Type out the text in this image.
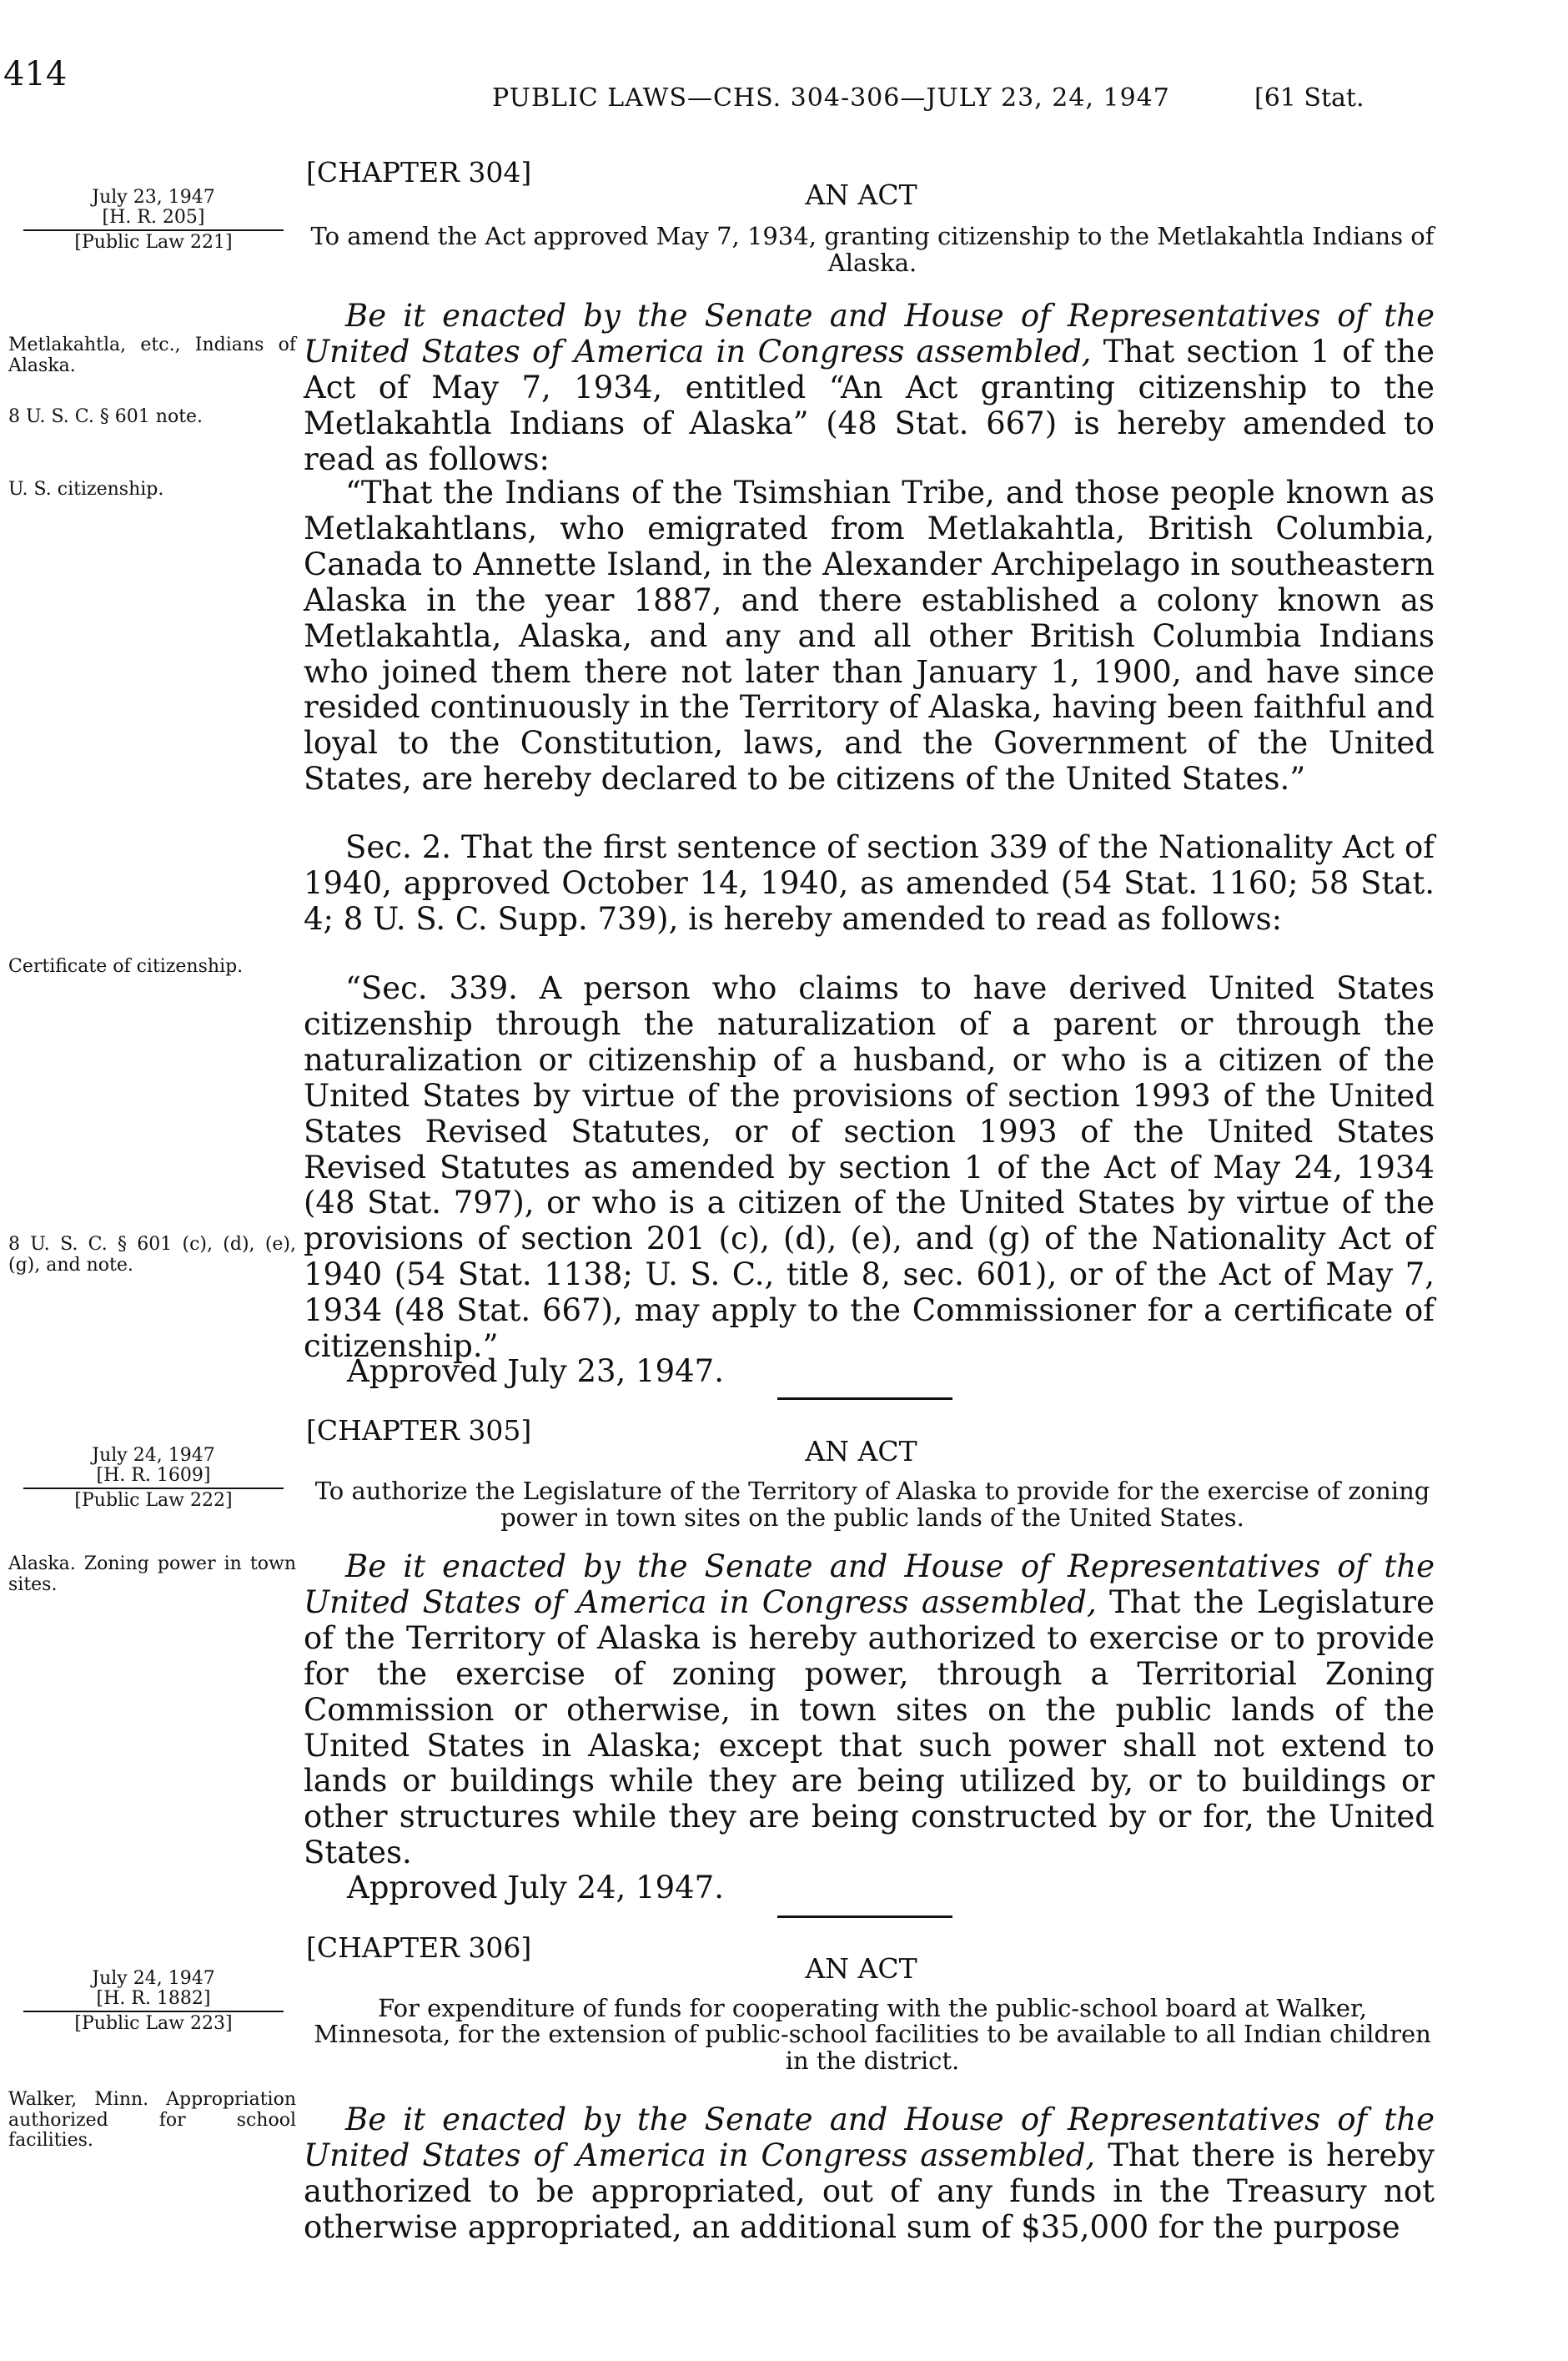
414
PUBLIC LAWS—CHS. 304-306—JULY 23, 24, 1947	[61 Stat.
[CHAPTER 304]
July 23, 1947
[H. R. 205]
[Public Law 221]
AN ACT
To amend the Act approved May 7, 1934, granting citizenship to the Metlakahtla Indians of Alaska.
Metlakahtla, etc., Indians of Alaska.
8 U. S. C. § 601 note.
U. S. citizenship.
Certificate of citizenship.
8 U. S. C. § 601 (c), (d), (e), (g), and note.
Be it enacted by the Senate and House of Representatives of the United States of America in Congress assembled, That section 1 of the Act of May 7, 1934, entitled “An Act granting citizenship to the Metlakahtla Indians of Alaska” (48 Stat. 667) is hereby amended to read as follows:
“That the Indians of the Tsimshian Tribe, and those people known as Metlakahtlans, who emigrated from Metlakahtla, British Columbia, Canada to Annette Island, in the Alexander Archipelago in southeastern Alaska in the year 1887, and there established a colony known as Metlakahtla, Alaska, and any and all other British Columbia Indians who joined them there not later than January 1, 1900, and have since resided continuously in the Territory of Alaska, having been faithful and loyal to the Constitution, laws, and the Government of the United States, are hereby declared to be citizens of the United States.”
Sec. 2. That the first sentence of section 339 of the Nationality Act of 1940, approved October 14, 1940, as amended (54 Stat. 1160; 58 Stat. 4; 8 U. S. C. Supp. 739), is hereby amended to read as follows:
“Sec. 339. A person who claims to have derived United States citizenship through the naturalization of a parent or through the naturalization or citizenship of a husband, or who is a citizen of the United States by virtue of the provisions of section 1993 of the United States Revised Statutes, or of section 1993 of the United States Revised Statutes as amended by section 1 of the Act of May 24, 1934 (48 Stat. 797), or who is a citizen of the United States by virtue of the provisions of section 201 (c), (d), (e), and (g) of the Nationality Act of 1940 (54 Stat. 1138; U. S. C., title 8, sec. 601), or of the Act of May 7, 1934 (48 Stat. 667), may apply to the Commissioner for a certificate of citizenship.”
Approved July 23, 1947.
[CHAPTER 305]
July 24, 1947
[H. R. 1609]
[Public Law 222]
AN ACT
To authorize the Legislature of the Territory of Alaska to provide for the exercise of zoning power in town sites on the public lands of the United States.
Alaska. Zoning power in town sites.
Be it enacted by the Senate and House of Representatives of the United States of America in Congress assembled, That the Legislature of the Territory of Alaska is hereby authorized to exercise or to provide for the exercise of zoning power, through a Territorial Zoning Commission or otherwise, in town sites on the public lands of the United States in Alaska; except that such power shall not extend to lands or buildings while they are being utilized by, or to buildings or other structures while they are being constructed by or for, the United States.
Approved July 24, 1947.
[CHAPTER 306]
July 24, 1947
[H. R. 1882]
[Public Law 223]
AN ACT
For expenditure of funds for cooperating with the public-school board at Walker, Minnesota, for the extension of public-school facilities to be available to all Indian children in the district.
Walker, Minn. Appropriation authorized for school facilities.
Be it enacted by the Senate and House of Representatives of the United States of America in Congress assembled, That there is hereby authorized to be appropriated, out of any funds in the Treasury not otherwise appropriated, an additional sum of $35,000 for the purpose
